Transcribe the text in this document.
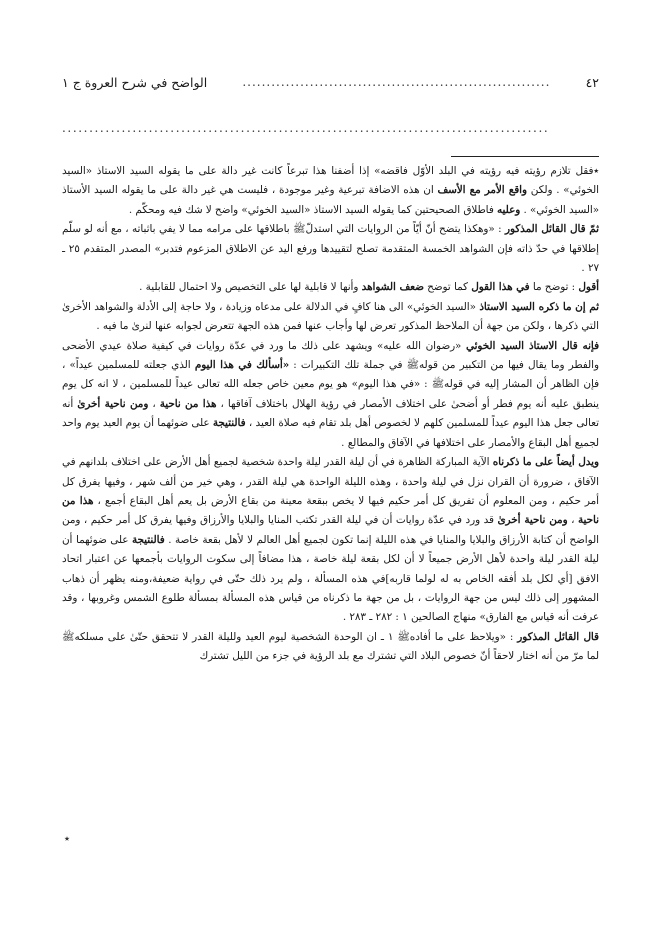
٤٢
................................................................
الواضح في شرح العروة ج ١
..........................................................................................

٭فقل تلازم رؤيته فيه رؤيته في البلد الأوّل فاقضه» إذا أضفنا هذا تبرعاً كانت غير دالة على ما يقوله السيد الاستاذ «السيد الخوئي» . ولكن واقع الأمر مع الأسف ان هذه الاضافة تبرعية وغير موجودة ، فليست هي غير دالة على ما يقوله السيد الأستاذ «السيد الخوئي» . وعليه فاطلاق الصحيحتين كما يقوله السيد الاستاذ «السيد الخوئي» واضح لا شك فيه ومحكّم .

ثمّ قال القائل المذكور : «وهكذا يتضح أنّ أيّاً من الروايات التي استدلّ‌ﷺ باطلاقها على مرامه مما لا يفي باثباته ، مع أنه لو سلّم إطلاقها في حدّ ذاته فإن الشواهد الخمسة المتقدمة تصلح لتقييدها ورفع اليد عن الاطلاق المزعوم فتدبر» المصدر المتقدم ٢٥ ـ ٢٧ .

أقول : توضح ما في هذا القول كما توضح ضعف الشواهد وأنها لا قابلية لها على التخصيص ولا احتمال للقابلية .

ثم إن ما ذكره السيد الاستاذ «السيد الخوئي» الى هنا كافٍ في الدلالة على مدعاه وزيادة ، ولا حاجة إلى الأدلة والشواهد الأخرىٰ التي ذكرها ، ولكن من جهة أن الملاحظ المذكور تعرض لها وأجاب عنها فمن هذه الجهة تتعرض لجوابه عنها لنرىٰ ما فيه .

فإنه قال الاستاذ السيد الخوئي «رضوان الله عليه» ويشهد على ذلك ما ورد في عدّة روايات في كيفية صلاة عيدي الأضحى والفطر وما يقال فيها من التكبير من قولهﷺ في جملة تلك التكبيرات : «أسألك في هذا اليوم الذي جعلته للمسلمين عيداً» ، فإن الظاهر أن المشار إليه في قولهﷺ : «في هذا اليوم» هو يوم معين خاص جعله الله تعالى عيداً للمسلمين ، لا انه كل يوم ينطبق عليه أنه يوم فطر أو أضحىٰ على اختلاف الأمصار في رؤية الهلال باختلاف آفاقها ، هذا من ناحية ، ومن ناحية أخرىٰ أنه تعالى جعل هذا اليوم عيداً للمسلمين كلهم لا لخصوص أهل بلد تقام فيه صلاة العيد ، فالنتيجة على ضوئهما أن يوم العيد يوم واحد لجميع أهل البقاع والأمصار على اختلافها في الآفاق والمطالع .

ويدل أيضاً على ما ذكرناه الآية المباركة الظاهرة في أن ليلة القدر ليلة واحدة شخصية لجميع أهل الأرض على اختلاف بلدانهم في الآفاق ، ضرورة أن القران نزل في ليلة واحدة ، وهذه الليلة الواحدة هي ليلة القدر ، وهي خير من ألف شهر ، وفيها يفرق كل أمر حكيم ، ومن المعلوم أن تفريق كل أمر حكيم فيها لا يخص ببقعة معينة من بقاع الأرض بل يعم أهل البقاع أجمع ، هذا من ناحية ، ومن ناحية أخرىٰ قد ورد في عدّة روايات أن في ليلة القدر تكتب المنايا والبلايا والأرزاق وفيها يفرق كل أمر حكيم ، ومن الواضح أن كتابة الأرزاق والبلايا والمنايا في هذه الليلة إنما تكون لجميع أهل العالم لا لأهل بقعة خاصة . فالنتيجة على ضوئهما أن ليلة القدر ليلة واحدة لأهل الأرض جميعاً لا أن لكل بقعة ليلة خاصة ، هذا مضافاً إلى سكوت الروايات بأجمعها عن اعتبار اتحاد الافق [أي لكل بلد أفقه الخاص به له لولما قاربه]في هذه المسألة ، ولم يرد ذلك حتّى في رواية ضعيفة،ومنه يظهر أن ذهاب المشهور إلى ذلك ليس من جهة الروايات ، بل من جهة ما ذكرناه من قياس هذه المسألة بمسألة طلوع الشمس وغروبها ، وقد عرفت أنه قياس مع الفارق» منهاج الصالحين ١ : ٢٨٢ ـ ٢٨٣ .

قال القائل المذكور : «ويلاحظ على ما أفادهﷺ ١ ـ ان الوحدة الشخصية ليوم العيد ولليلة القدر لا تتحقق حتّىٰ على مسلكهﷺ لما مرّ من أنه اختار لاحقاً أنّ خصوص البلاد التي تشترك مع بلد الرؤية في جزء من الليل تشترك

٭
